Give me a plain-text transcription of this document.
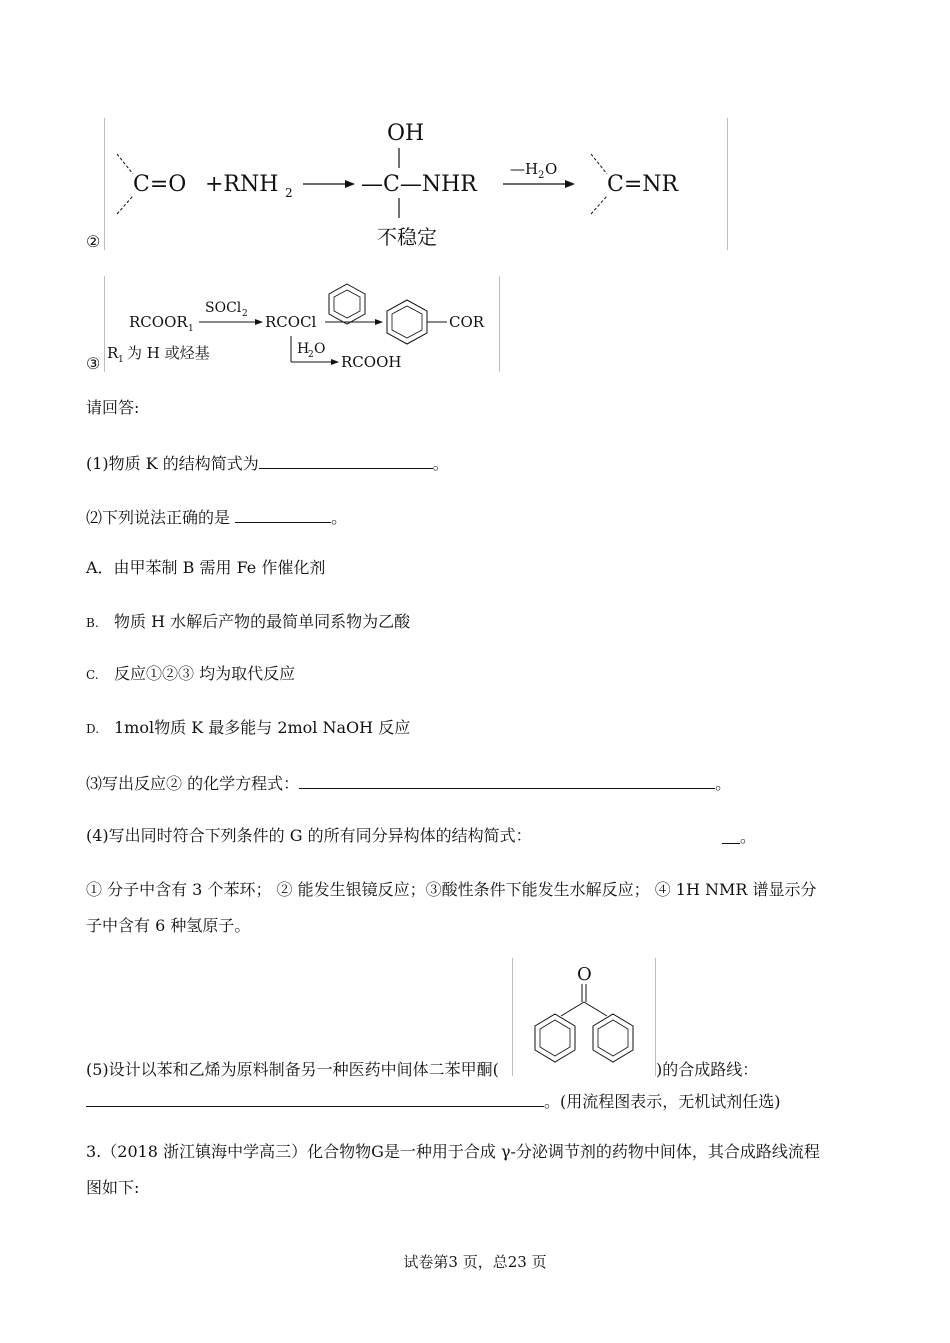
C=O +RNH 2
OH
—C—NHR
不稳定
—H 2 O
C=NR
②
RCOOR 1
SOCl 2 RCOCl	COR
H
2 O
RCOOH
R 1 为 H 或烃基
③
请回答:
(1)物质 K 的结构简式为	。
⑵下列说法正确的是	。
A．由甲苯制 B 需用 Fe 作催化剂
B. 物质 H 水解后产物的最简单同系物为乙酸
C. 反应①②③ 均为取代反应
D. 1mol物质 K 最多能与 2mol NaOH 反应
⑶写出反应② 的化学方程式：	。
(4)写出同时符合下列条件的 G 的所有同分异构体的结构简式：	。
① 分子中含有 3 个苯环； ② 能发生银镜反应；③酸性条件下能发生水解反应； ④ 1H NMR 谱显示分
子中含有 6 种氢原子。
O
(5)设计以苯和乙烯为原料制备另一种医药中间体二苯甲酮(	)的合成路线：
。(用流程图表示，无机试剂任选)
3.（2018 浙江镇海中学高三）化合物物G是一种用于合成 γ-分泌调节剂的药物中间体，其合成路线流程
图如下:
试卷第3 页，总23 页
